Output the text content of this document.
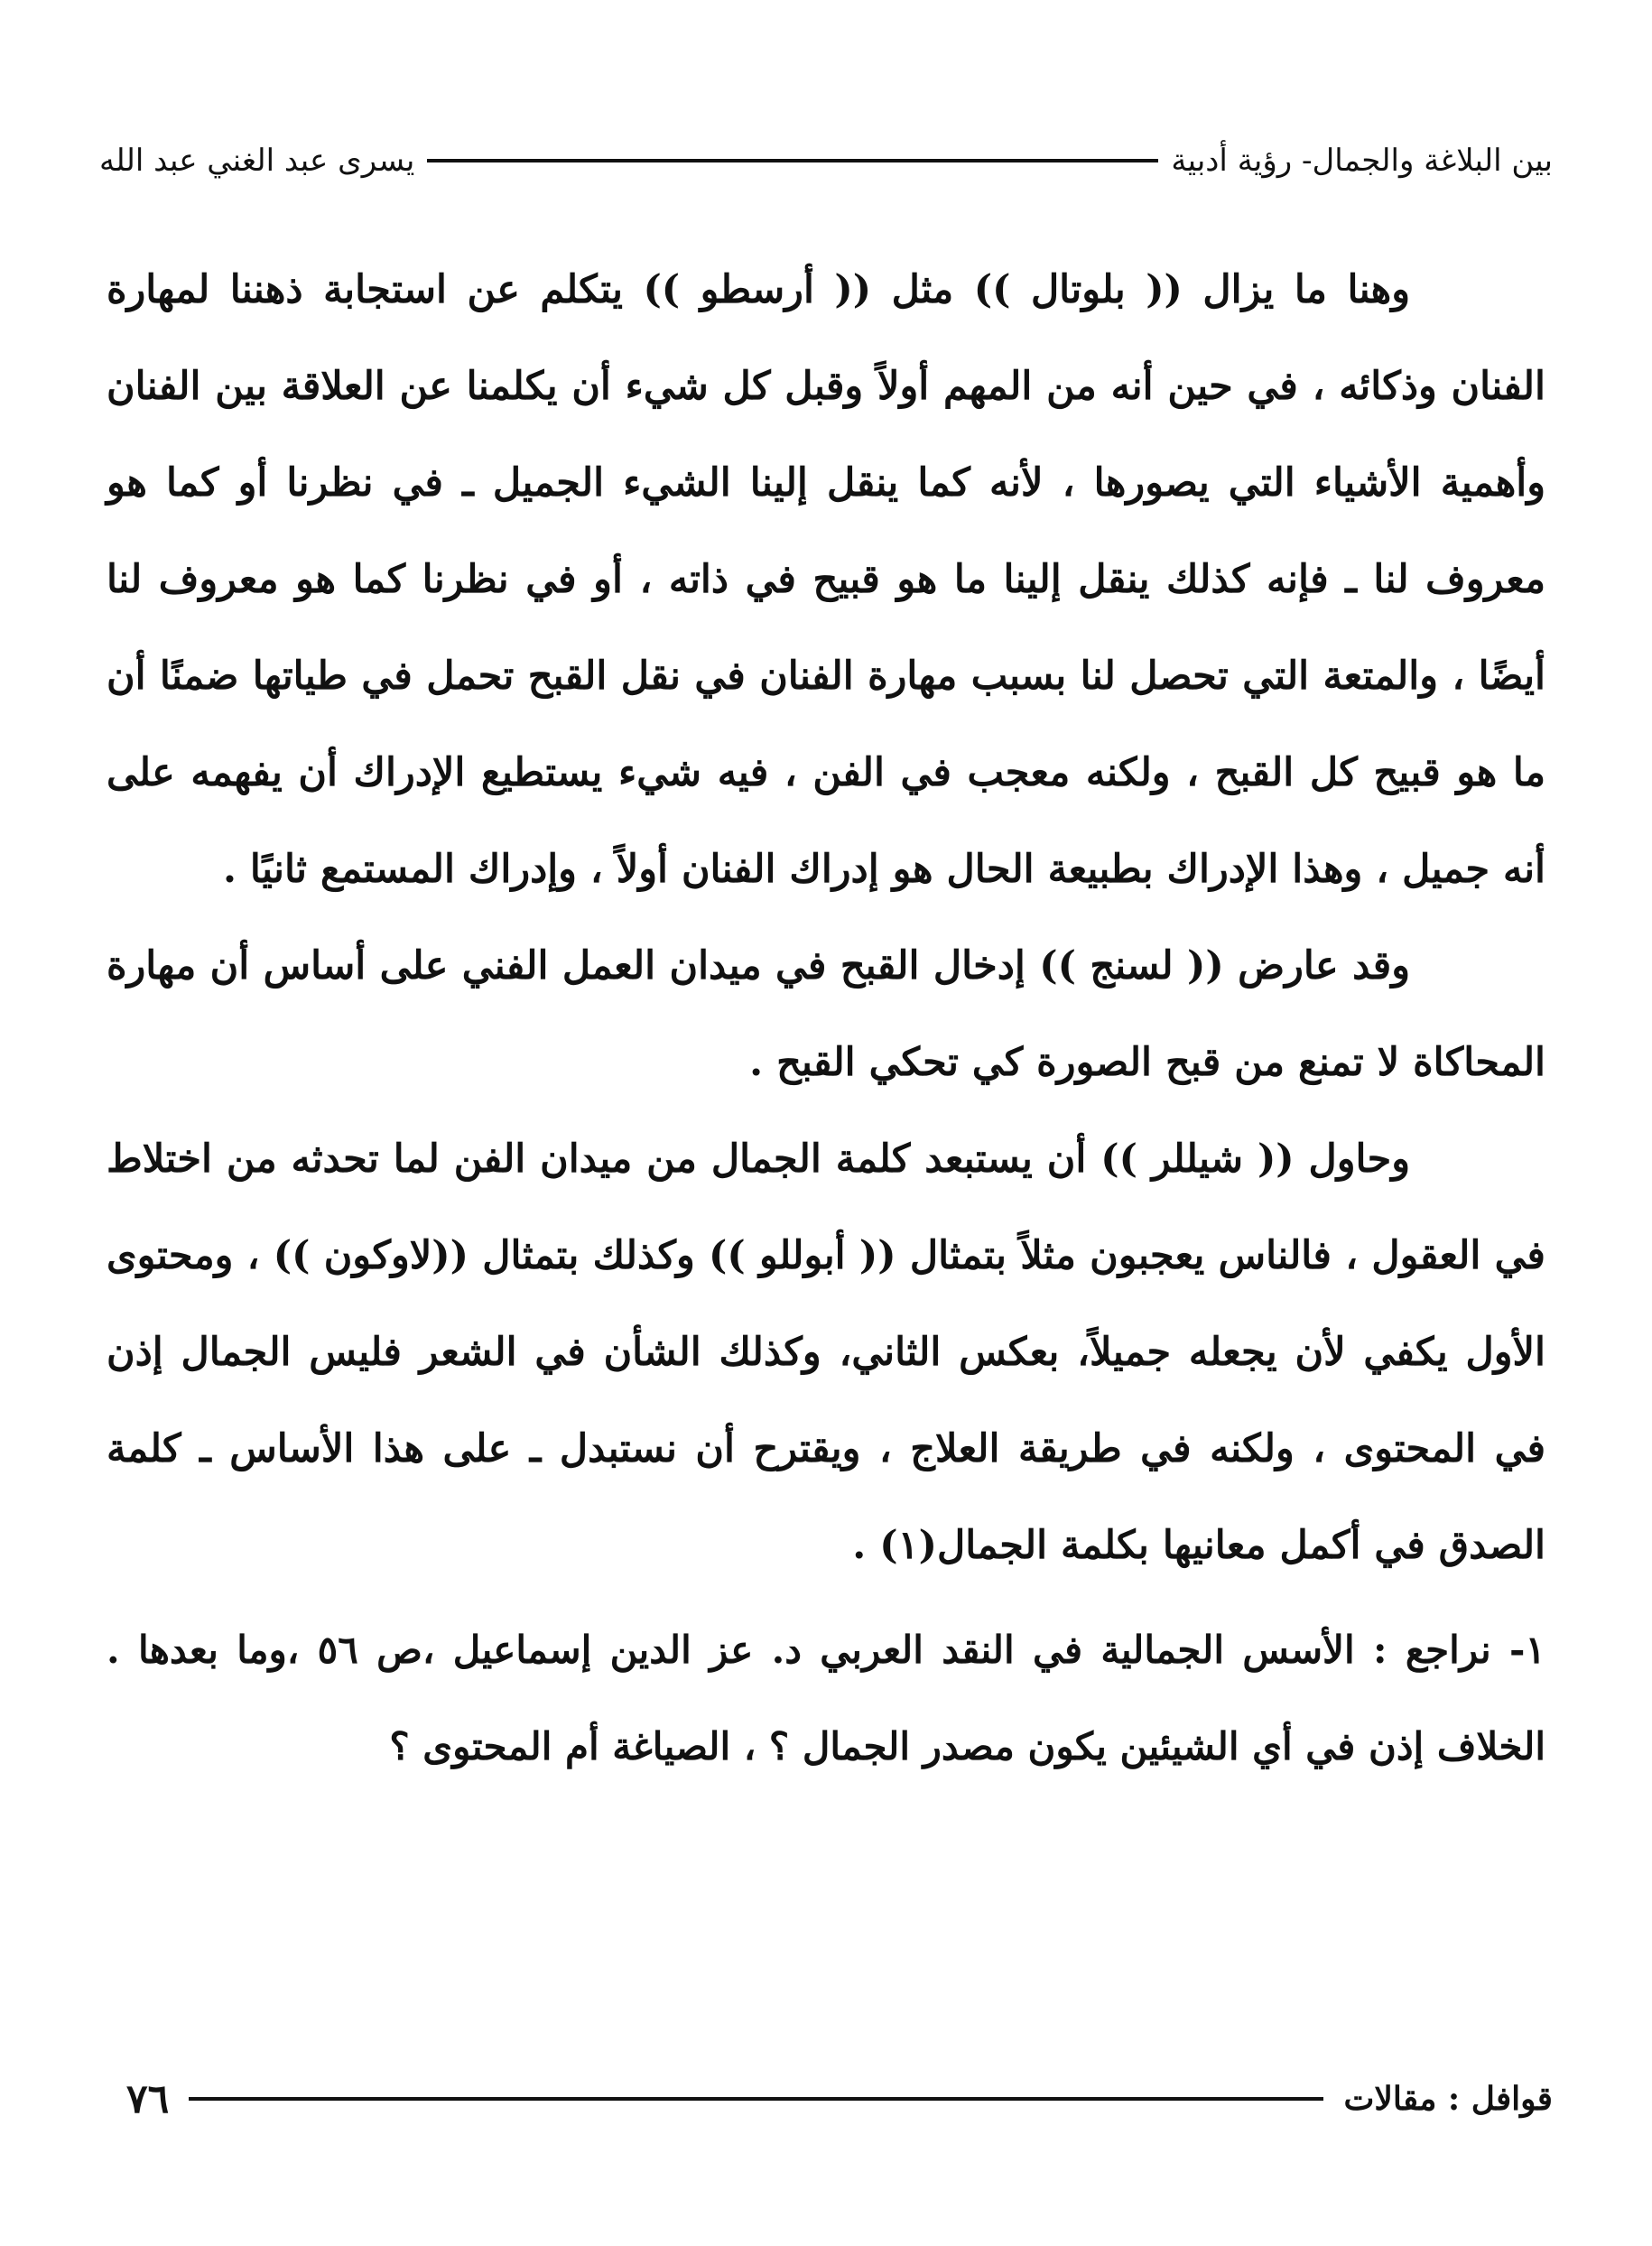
بين البلاغة والجمال- رؤية أدبية
يسرى عبد الغني عبد الله

وهنا ما يزال (( بلوتال )) مثل (( أرسطو )) يتكلم عن استجابة ذهننا لمهارة الفنان وذكائه ، في حين أنه من المهم أولاً وقبل كل شيء أن يكلمنا عن العلاقة بين الفنان وأهمية الأشياء التي يصورها ، لأنه كما ينقل إلينا الشيء الجميل ـ في نظرنا أو كما هو معروف لنا ـ فإنه كذلك ينقل إلينا ما هو قبيح في ذاته ، أو في نظرنا كما هو معروف لنا أيضًا ، والمتعة التي تحصل لنا بسبب مهارة الفنان في نقل القبح تحمل في طياتها ضمنًا أن ما هو قبيح كل القبح ، ولكنه معجب في الفن ، فيه شيء يستطيع الإدراك أن يفهمه على أنه جميل ، وهذا الإدراك بطبيعة الحال هو إدراك الفنان أولاً ، وإدراك المستمع ثانيًا .

وقد عارض (( لسنج )) إدخال القبح في ميدان العمل الفني على أساس أن مهارة المحاكاة لا تمنع من قبح الصورة كي تحكي القبح .

وحاول (( شيللر )) أن يستبعد كلمة الجمال من ميدان الفن لما تحدثه من اختلاط في العقول ، فالناس يعجبون مثلاً بتمثال (( أبوللو )) وكذلك بتمثال ((لاوكون )) ، ومحتوى الأول يكفي لأن يجعله جميلاً، بعكس الثاني، وكذلك الشأن في الشعر فليس الجمال إذن في المحتوى ، ولكنه في طريقة العلاج ، ويقترح أن نستبدل ـ على هذا الأساس ـ كلمة الصدق في أكمل معانيها بكلمة الجمال(١) .

١- نراجع : الأسس الجمالية في النقد العربي د. عز الدين إسماعيل ،ص ٥٦ ،وما بعدها . الخلاف إذن في أي الشيئين يكون مصدر الجمال ؟ ، الصياغة أم المحتوى ؟

قوافل : مقالات
٧٦
